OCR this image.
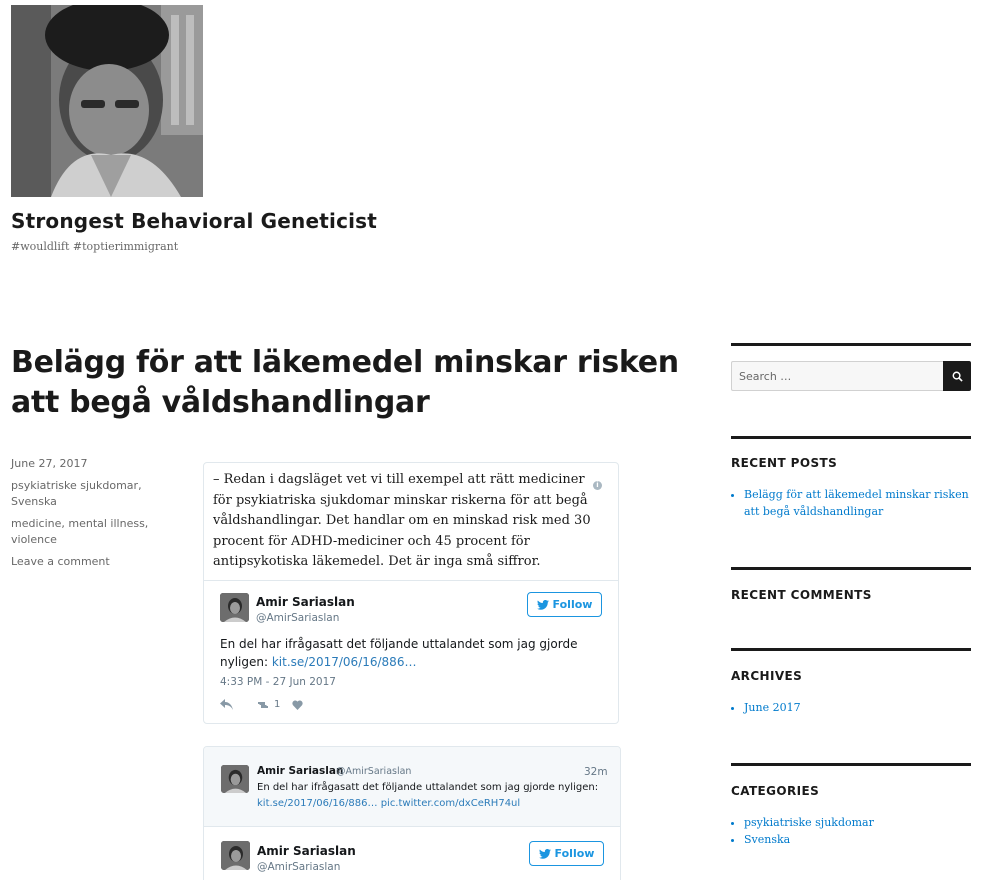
Strongest Behavioral Geneticist
#wouldlift #toptierimmigrant
Belägg för att läkemedel minskar risken att begå våldshandlingar
June 27, 2017
psykiatriske sjukdomar,
Svenska
medicine, mental illness,
violence
Leave a comment
– Redan i dagsläget vet vi till exempel att rätt mediciner för psykiatriska sjukdomar minskar riskerna för att begå våldshandlingar. Det handlar om en minskad risk med 30 procent för ADHD-mediciner och 45 procent för antipsykotiska läkemedel. Det är inga små siffror.
i
Amir Sariaslan
@AmirSariaslan
Follow
En del har ifrågasatt det följande uttalandet som jag gjorde nyligen: kit.se/2017/06/16/886…
4:33 PM - 27 Jun 2017
1
Amir Sariaslan
@AmirSariaslan	32m
En del har ifrågasatt det följande uttalandet som jag gjorde nyligen:
kit.se/2017/06/16/886… pic.twitter.com/dxCeRH74ul
Amir Sariaslan
@AmirSariaslan
Follow
Search …
RECENT POSTS
• Belägg för att läkemedel minskar risken att begå våldshandlingar
RECENT COMMENTS
ARCHIVES
• June 2017
CATEGORIES
• psykiatriske sjukdomar
• Svenska
